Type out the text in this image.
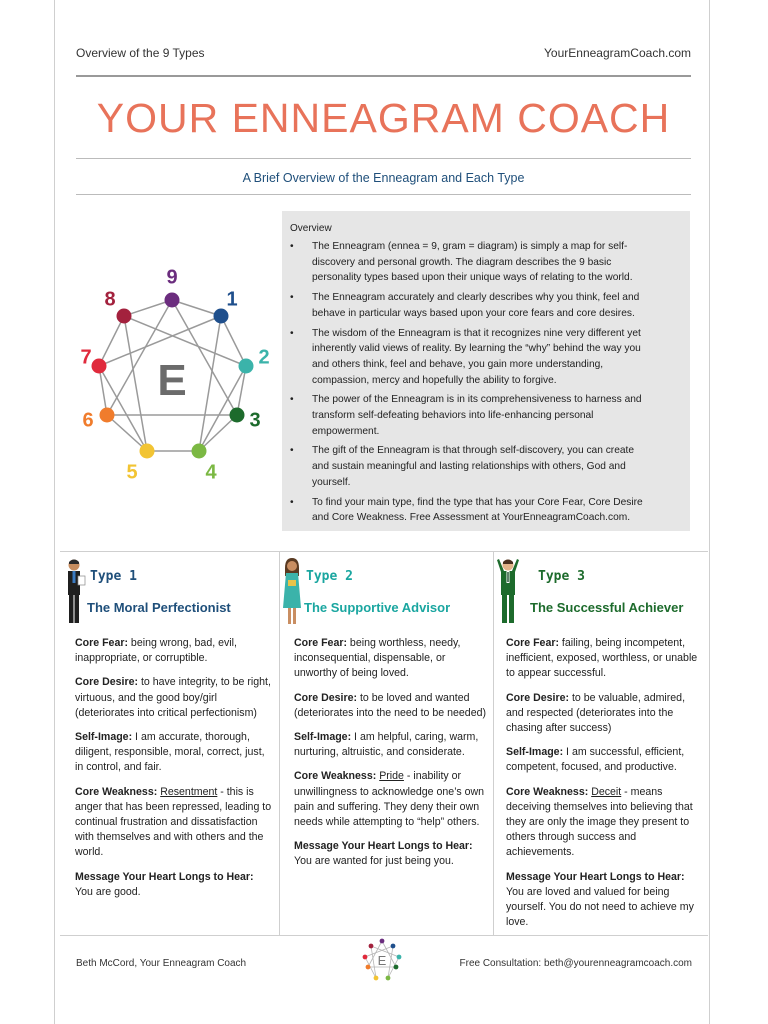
Overview of the 9 Types	YourEnneagramCoach.com
YOUR ENNEAGRAM COACH
A Brief Overview of the Enneagram and Each Type
E
9
1
2
3
4
5
6
7
8
Overview
• The Enneagram (ennea = 9, gram = diagram) is simply a map for self-
discovery and personal growth. The diagram describes the 9 basic
personality types based upon their unique ways of relating to the world.
• The Enneagram accurately and clearly describes why you think, feel and
behave in particular ways based upon your core fears and core desires.
• The wisdom of the Enneagram is that it recognizes nine very different yet
inherently valid views of reality. By learning the “why” behind the way you
and others think, feel and behave, you gain more understanding,
compassion, mercy and hopefully the ability to forgive.
• The power of the Enneagram is in its comprehensiveness to harness and
transform self-defeating behaviors into life-enhancing personal
empowerment.
• The gift of the Enneagram is that through self-discovery, you can create
and sustain meaningful and lasting relationships with others, God and
yourself.
• To find your main type, find the type that has your Core Fear, Core Desire
and Core Weakness. Free Assessment at YourEnneagramCoach.com.
Type 1
The Moral Perfectionist

Core Fear: being wrong, bad, evil, inappropriate, or corruptible.

Core Desire: to have integrity, to be right, virtuous, and the good boy/girl (deteriorates into critical perfectionism)

Self-Image: I am accurate, thorough, diligent, responsible, moral, correct, just, in control, and fair.

Core Weakness: Resentment - this is anger that has been repressed, leading to continual frustration and dissatisfaction with themselves and with others and the world.

Message Your Heart Longs to Hear:
You are good.

Type 2
The Supportive Advisor

Core Fear: being worthless, needy, inconsequential, dispensable, or unworthy of being loved.

Core Desire: to be loved and wanted (deteriorates into the need to be needed)

Self-Image: I am helpful, caring, warm, nurturing, altruistic, and considerate.

Core Weakness: Pride - inability or unwillingness to acknowledge one’s own pain and suffering. They deny their own needs while attempting to “help” others.

Message Your Heart Longs to Hear:
You are wanted for just being you.

Type 3
The Successful Achiever

Core Fear: failing, being incompetent, inefficient, exposed, worthless, or unable to appear successful.

Core Desire: to be valuable, admired, and respected (deteriorates into the chasing after success)

Self-Image: I am successful, efficient, competent, focused, and productive.

Core Weakness: Deceit - means deceiving themselves into believing that they are only the image they present to others through success and achievements.

Message Your Heart Longs to Hear:
You are loved and valued for being yourself. You do not need to achieve my love.

Beth McCord, Your Enneagram Coach	E	Free Consultation: beth@yourenneagramcoach.com
